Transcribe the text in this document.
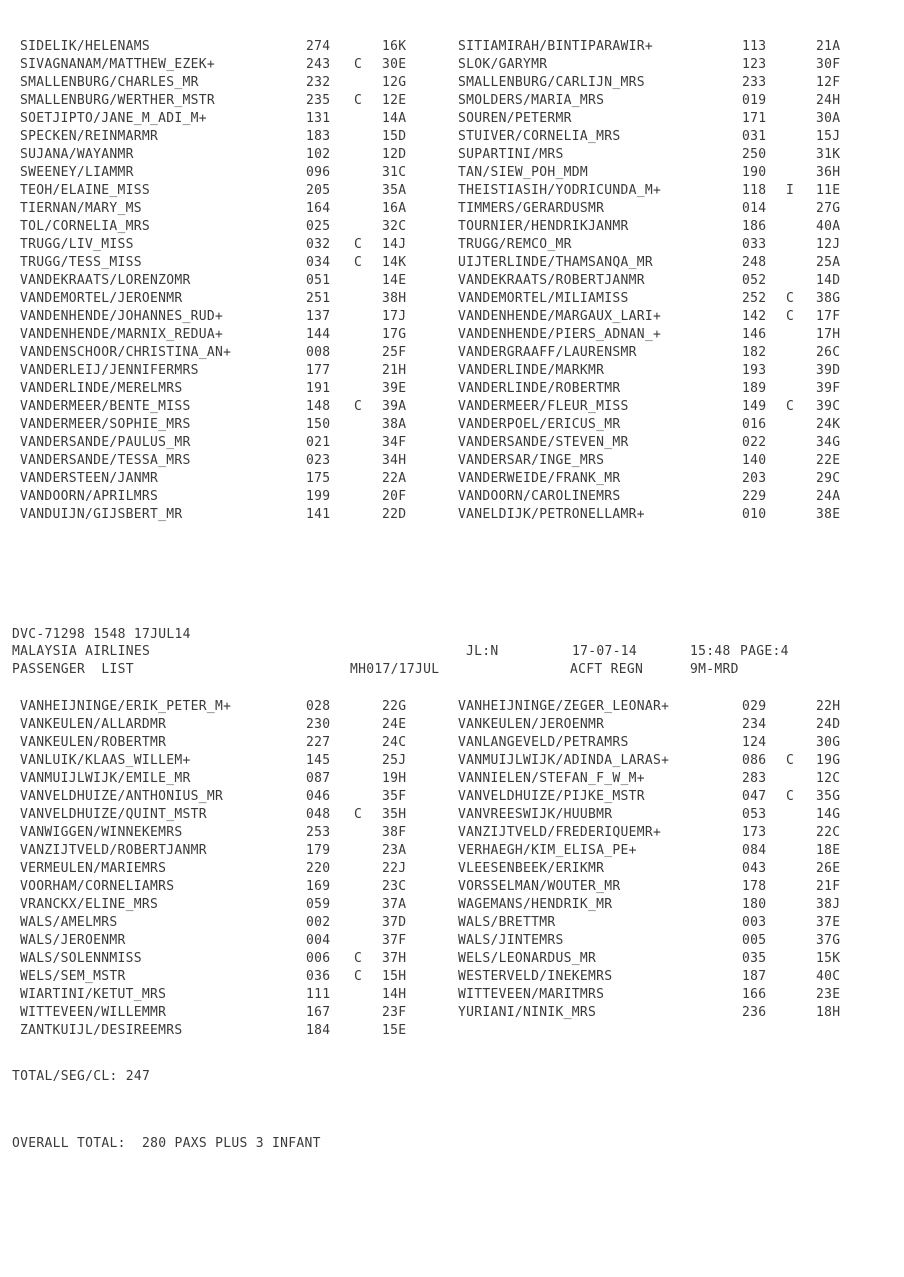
SIDELIK/HELENAMS	274	16K	SITIAMIRAH/BINTIPARAWIR+	113	21A
SIVAGNANAM/MATTHEW_EZEK+	243 C 30E	SLOK/GARYMR	123	30F
SMALLENBURG/CHARLES_MR	232	12G	SMALLENBURG/CARLIJN_MRS	233	12F
SMALLENBURG/WERTHER_MSTR	235 C 12E	SMOLDERS/MARIA_MRS	019	24H
SOETJIPTO/JANE_M_ADI_M+	131	14A	SOUREN/PETERMR	171	30A
SPECKEN/REINMARMR	183	15D	STUIVER/CORNELIA_MRS	031	15J
SUJANA/WAYANMR	102	12D	SUPARTINI/MRS	250	31K
SWEENEY/LIAMMR	096	31C	TAN/SIEW_POH_MDM	190	36H
TEOH/ELAINE_MISS	205	35A	THEISTIASIH/YODRICUNDA_M+	118 I 11E
TIERNAN/MARY_MS	164	16A	TIMMERS/GERARDUSMR	014	27G
TOL/CORNELIA_MRS	025	32C	TOURNIER/HENDRIKJANMR	186	40A
TRUGG/LIV_MISS	032 C 14J	TRUGG/REMCO_MR	033	12J
TRUGG/TESS_MISS	034 C 14K	UIJTERLINDE/THAMSANQA_MR	248	25A
VANDEKRAATS/LORENZOMR	051	14E	VANDEKRAATS/ROBERTJANMR	052	14D
VANDEMORTEL/JEROENMR	251	38H	VANDEMORTEL/MILIAMISS	252 C 38G
VANDENHENDE/JOHANNES_RUD+	137	17J	VANDENHENDE/MARGAUX_LARI+	142 C 17F
VANDENHENDE/MARNIX_REDUA+	144	17G	VANDENHENDE/PIERS_ADNAN_+	146	17H
VANDENSCHOOR/CHRISTINA_AN+	008	25F	VANDERGRAAFF/LAURENSMR	182	26C
VANDERLEIJ/JENNIFERMRS	177	21H	VANDERLINDE/MARKMR	193	39D
VANDERLINDE/MERELMRS	191	39E	VANDERLINDE/ROBERTMR	189	39F
VANDERMEER/BENTE_MISS	148 C 39A	VANDERMEER/FLEUR_MISS	149 C 39C
VANDERMEER/SOPHIE_MRS	150	38A	VANDERPOEL/ERICUS_MR	016	24K
VANDERSANDE/PAULUS_MR	021	34F	VANDERSANDE/STEVEN_MR	022	34G
VANDERSANDE/TESSA_MRS	023	34H	VANDERSAR/INGE_MRS	140	22E
VANDERSTEEN/JANMR	175	22A	VANDERWEIDE/FRANK_MR	203	29C
VANDOORN/APRILMRS	199	20F	VANDOORN/CAROLINEMRS	229	24A
VANDUIJN/GIJSBERT_MR	141	22D	VANELDIJK/PETRONELLAMR+	010	38E
DVC-71298 1548 17JUL14
MALAYSIA AIRLINES	JL:N	17-07-14	15:48 PAGE:4
PASSENGER  LIST	MH017/17JUL	ACFT REGN	9M-MRD
VANHEIJNINGE/ERIK_PETER_M+	028	22G	VANHEIJNINGE/ZEGER_LEONAR+	029	22H
VANKEULEN/ALLARDMR	230	24E	VANKEULEN/JEROENMR	234	24D
VANKEULEN/ROBERTMR	227	24C	VANLANGEVELD/PETRAMRS	124	30G
VANLUIK/KLAAS_WILLEM+	145	25J	VANMUIJLWIJK/ADINDA_LARAS+	086 C 19G
VANMUIJLWIJK/EMILE_MR	087	19H	VANNIELEN/STEFAN_F_W_M+	283	12C
VANVELDHUIZE/ANTHONIUS_MR	046	35F	VANVELDHUIZE/PIJKE_MSTR	047 C 35G
VANVELDHUIZE/QUINT_MSTR	048 C 35H	VANVREESWIJK/HUUBMR	053	14G
VANWIGGEN/WINNEKEMRS	253	38F	VANZIJTVELD/FREDERIQUEMR+	173	22C
VANZIJTVELD/ROBERTJANMR	179	23A	VERHAEGH/KIM_ELISA_PE+	084	18E
VERMEULEN/MARIEMRS	220	22J	VLEESENBEEK/ERIKMR	043	26E
VOORHAM/CORNELIAMRS	169	23C	VORSSELMAN/WOUTER_MR	178	21F
VRANCKX/ELINE_MRS	059	37A	WAGEMANS/HENDRIK_MR	180	38J
WALS/AMELMRS	002	37D	WALS/BRETTMR	003	37E
WALS/JEROENMR	004	37F	WALS/JINTEMRS	005	37G
WALS/SOLENNMISS	006 C 37H	WELS/LEONARDUS_MR	035	15K
WELS/SEM_MSTR	036 C 15H	WESTERVELD/INEKEMRS	187	40C
WIARTINI/KETUT_MRS	111	14H	WITTEVEEN/MARITMRS	166	23E
WITTEVEEN/WILLEMMR	167	23F	YURIANI/NINIK_MRS	236	18H
ZANTKUIJL/DESIREEMRS	184	15E
TOTAL/SEG/CL: 247
OVERALL TOTAL:  280 PAXS PLUS 3 INFANT
